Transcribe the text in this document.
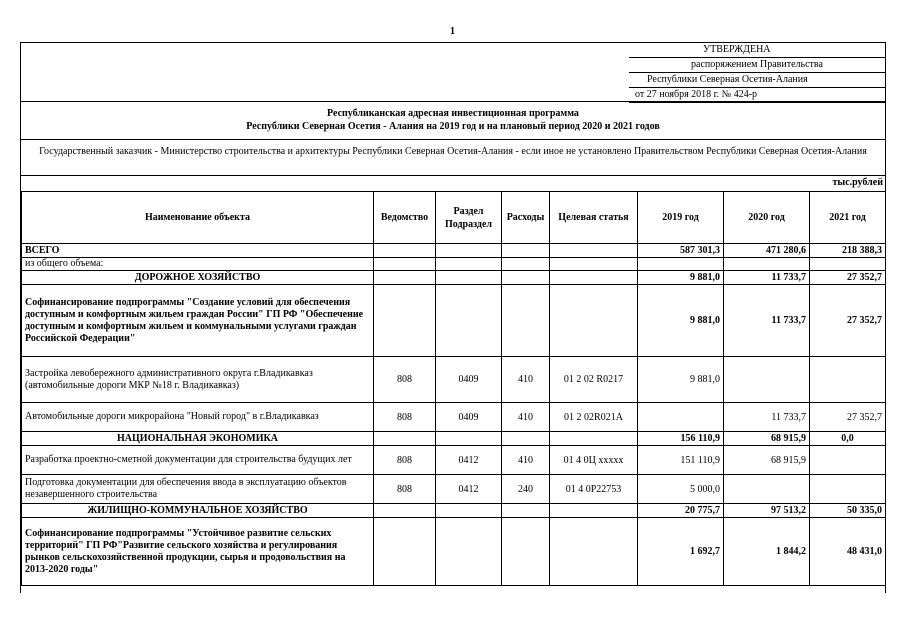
1
УТВЕРЖДЕНА
распоряжением Правительства
Республики Северная Осетия-Алания
от 27 ноября 2018 г. № 424-р
Республиканская адресная инвестиционная программа
Республики Северная Осетия - Алания на 2019 год и на плановый период 2020 и 2021 годов
Государственный заказчик - Министерство строительства и архитектуры Республики Северная Осетия-Алания - если иное не установлено Правительством Республики Северная Осетия-Алания
тыс.рублей
Наименование объекта	Ведомство	Раздел Подраздел	Расходы	Целевая статья	2019 год	2020 год	2021 год
ВСЕГО					587 301,3	471 280,6	218 388,3
из общего объема:							
ДОРОЖНОЕ ХОЗЯЙСТВО					9 881,0	11 733,7	27 352,7
Софинансирование подпрограммы "Создание условий для обеспечения доступным и комфортным жильем граждан России" ГП РФ "Обеспечение доступным и комфортным жильем и коммунальными услугами граждан Российской Федерации"					9 881,0	11 733,7	27 352,7
Застройка левобережного административного округа г.Владикавказ (автомобильные дороги МКР №18 г. Владикавказ)	808	0409	410	01 2 02 R0217	9 881,0		
Автомобильные дороги микрорайона "Новый город" в г.Владикавказ	808	0409	410	01 2 02R021A		11 733,7	27 352,7
НАЦИОНАЛЬНАЯ ЭКОНОМИКА					156 110,9	68 915,9	0,0
Разработка проектно-сметной документации для строительства будущих лет	808	0412	410	01 4 0Ц xxxxx	151 110,9	68 915,9	
Подготовка документации для обеспечения ввода в эксплуатацию объектов незавершенного строительства	808	0412	240	01 4 0P22753	5 000,0		
ЖИЛИЩНО-КОММУНАЛЬНОЕ ХОЗЯЙСТВО					20 775,7	97 513,2	50 335,0
Софинансирование подпрограммы "Устойчивое развитие сельских территорий" ГП РФ"Развитие сельского хозяйства и регулирования рынков сельскохозяйственной продукции, сырья и продовольствия на 2013-2020 годы"					1 692,7	1 844,2	48 431,0
